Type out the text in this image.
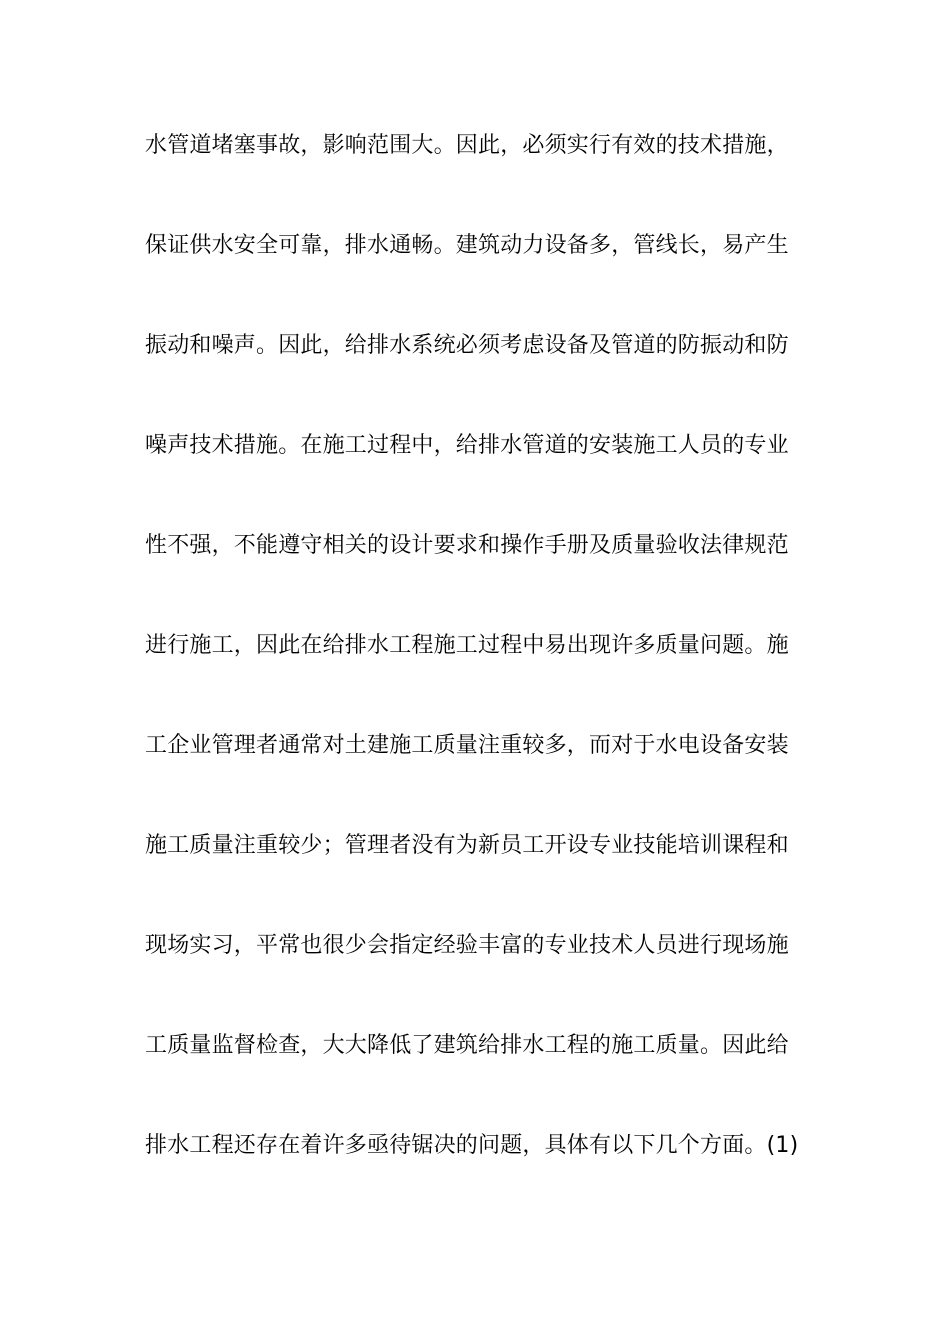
水管道堵塞事故，影响范围大。因此，必须实行有效的技术措施，
保证供水安全可靠，排水通畅。建筑动力设备多，管线长，易产生
振动和噪声。因此，给排水系统必须考虑设备及管道的防振动和防
噪声技术措施。在施工过程中，给排水管道的安装施工人员的专业
性不强，不能遵守相关的设计要求和操作手册及质量验收法律规范
进行施工，因此在给排水工程施工过程中易出现许多质量问题。施
工企业管理者通常对土建施工质量注重较多，而对于水电设备安装
施工质量注重较少；管理者没有为新员工开设专业技能培训课程和
现场实习，平常也很少会指定经验丰富的专业技术人员进行现场施
工质量监督检查，大大降低了建筑给排水工程的施工质量。因此给
排水工程还存在着许多亟待锯决的问题，具体有以下几个方面。(1)
